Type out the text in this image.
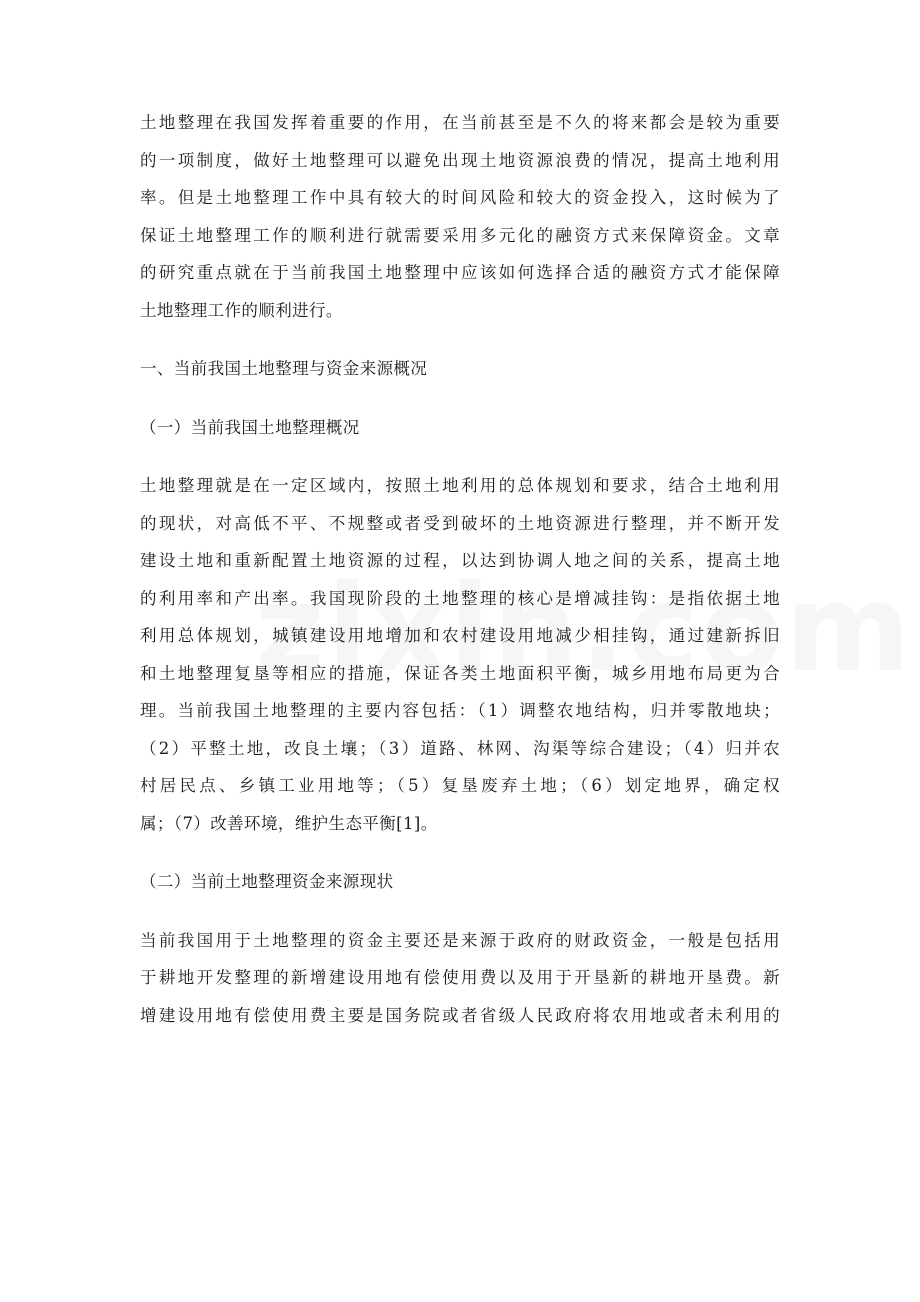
土地整理在我国发挥着重要的作用，在当前甚至是不久的将来都会是较为重要
的一项制度，做好土地整理可以避免出现土地资源浪费的情况，提高土地利用
率。但是土地整理工作中具有较大的时间风险和较大的资金投入，这时候为了
保证土地整理工作的顺利进行就需要采用多元化的融资方式来保障资金。文章
的研究重点就在于当前我国土地整理中应该如何选择合适的融资方式才能保障
土地整理工作的顺利进行。
一、当前我国土地整理与资金来源概况
（一）当前我国土地整理概况
土地整理就是在一定区域内，按照土地利用的总体规划和要求，结合土地利用
的现状，对高低不平、不规整或者受到破坏的土地资源进行整理，并不断开发
建设土地和重新配置土地资源的过程，以达到协调人地之间的关系，提高土地
的利用率和产出率。我国现阶段的土地整理的核心是增减挂钩：是指依据土地
利用总体规划，城镇建设用地增加和农村建设用地减少相挂钩，通过建新拆旧
和土地整理复垦等相应的措施，保证各类土地面积平衡，城乡用地布局更为合
理。当前我国土地整理的主要内容包括：（1）调整农地结构，归并零散地块；
（2）平整土地，改良土壤；（3）道路、林网、沟渠等综合建设；（4）归并农
村居民点、乡镇工业用地等；（5）复垦废弃土地；（6）划定地界，确定权
属；（7）改善环境，维护生态平衡[1]。
（二）当前土地整理资金来源现状
当前我国用于土地整理的资金主要还是来源于政府的财政资金，一般是包括用
于耕地开发整理的新增建设用地有偿使用费以及用于开垦新的耕地开垦费。新
增建设用地有偿使用费主要是国务院或者省级人民政府将农用地或者未利用的
